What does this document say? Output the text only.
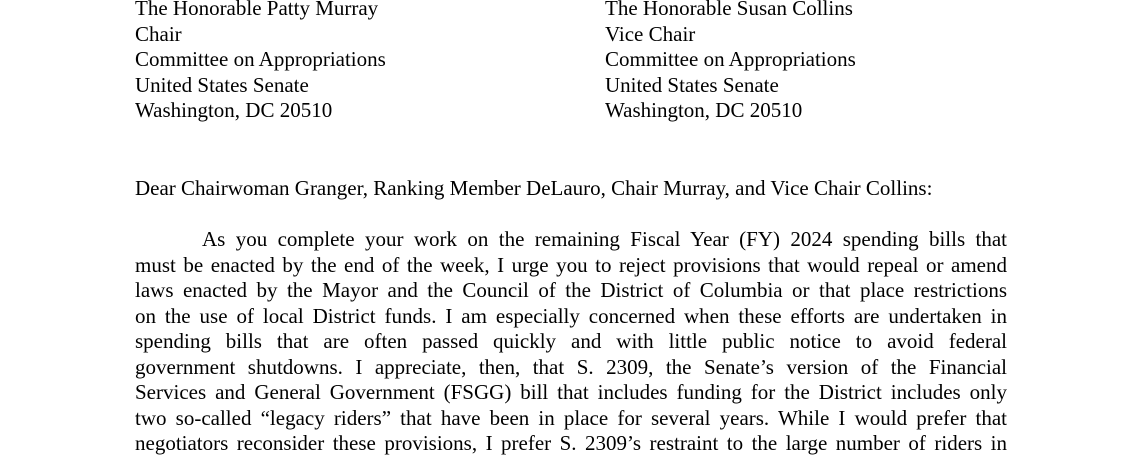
The Honorable Patty Murray
Chair
Committee on Appropriations
United States Senate
Washington, DC 20510
The Honorable Susan Collins
Vice Chair
Committee on Appropriations
United States Senate
Washington, DC 20510
Dear Chairwoman Granger, Ranking Member DeLauro, Chair Murray, and Vice Chair Collins:
As you complete your work on the remaining Fiscal Year (FY) 2024 spending bills that
must be enacted by the end of the week, I urge you to reject provisions that would repeal or amend
laws enacted by the Mayor and the Council of the District of Columbia or that place restrictions
on the use of local District funds. I am especially concerned when these efforts are undertaken in
spending bills that are often passed quickly and with little public notice to avoid federal
government shutdowns. I appreciate, then, that S. 2309, the Senate’s version of the Financial
Services and General Government (FSGG) bill that includes funding for the District includes only
two so-called “legacy riders” that have been in place for several years. While I would prefer that
negotiators reconsider these provisions, I prefer S. 2309’s restraint to the large number of riders in
